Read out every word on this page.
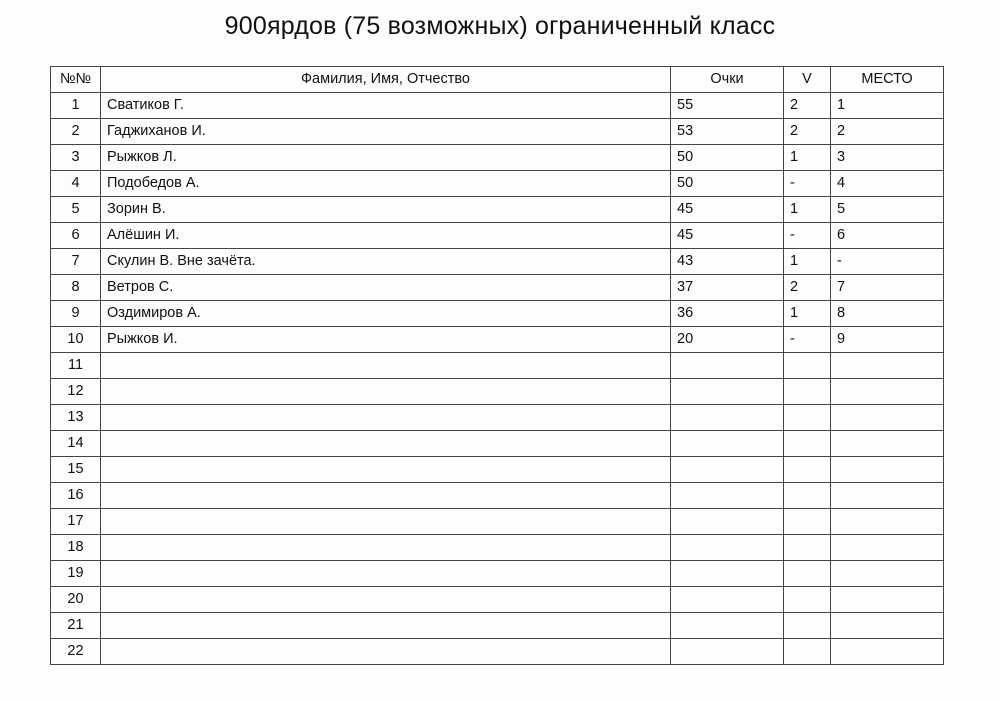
900ярдов (75 возможных) ограниченный класс
№№	Фамилия, Имя, Отчество	Очки	V	МЕСТО
1	Сватиков Г.	55	2	1
2	Гаджиханов И.	53	2	2
3	Рыжков Л.	50	1	3
4	Подобедов А.	50	-	4
5	Зорин В.	45	1	5
6	Алёшин И.	45	-	6
7	Скулин В. Вне зачёта.	43	1	-
8	Ветров С.	37	2	7
9	Оздимиров А.	36	1	8
10	Рыжков И.	20	-	9
11				
12				
13				
14				
15				
16				
17				
18				
19				
20				
21				
22				
